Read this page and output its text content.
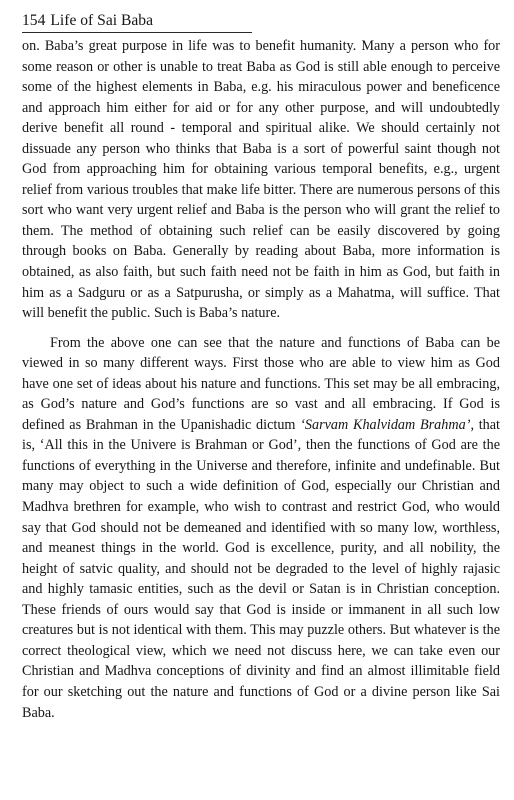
154 Life of Sai Baba

on. Baba’s great purpose in life was to benefit humanity. Many a person who for some reason or other is unable to treat Baba as God is still able enough to perceive some of the highest elements in Baba, e.g. his miraculous power and beneficence and approach him either for aid or for any other purpose, and will undoubtedly derive benefit all round - temporal and spiritual alike. We should certainly not dissuade any person who thinks that Baba is a sort of powerful saint though not God from approaching him for obtaining various temporal benefits, e.g., urgent relief from various troubles that make life bitter. There are numerous persons of this sort who want very urgent relief and Baba is the person who will grant the relief to them. The method of obtaining such relief can be easily discovered by going through books on Baba. Generally by reading about Baba, more information is obtained, as also faith, but such faith need not be faith in him as God, but faith in him as a Sadguru or as a Satpurusha, or simply as a Mahatma, will suffice. That will benefit the public. Such is Baba’s nature.

From the above one can see that the nature and functions of Baba can be viewed in so many different ways. First those who are able to view him as God have one set of ideas about his nature and functions. This set may be all embracing, as God’s nature and God’s functions are so vast and all embracing. If God is defined as Brahman in the Upanishadic dictum ‘Sarvam Khalvidam Brahma’, that is, ‘All this in the Univere is Brahman or God’, then the functions of God are the functions of everything in the Universe and therefore, infinite and undefinable. But many may object to such a wide definition of God, especially our Christian and Madhva brethren for example, who wish to contrast and restrict God, who would say that God should not be demeaned and identified with so many low, worthless, and meanest things in the world. God is excellence, purity, and all nobility, the height of satvic quality, and should not be degraded to the level of highly rajasic and highly tamasic entities, such as the devil or Satan is in Christian conception. These friends of ours would say that God is inside or immanent in all such low creatures but is not identical with them. This may puzzle others. But whatever is the correct theological view, which we need not discuss here, we can take even our Christian and Madhva conceptions of divinity and find an almost illimitable field for our sketching out the nature and functions of God or a divine person like Sai Baba.
